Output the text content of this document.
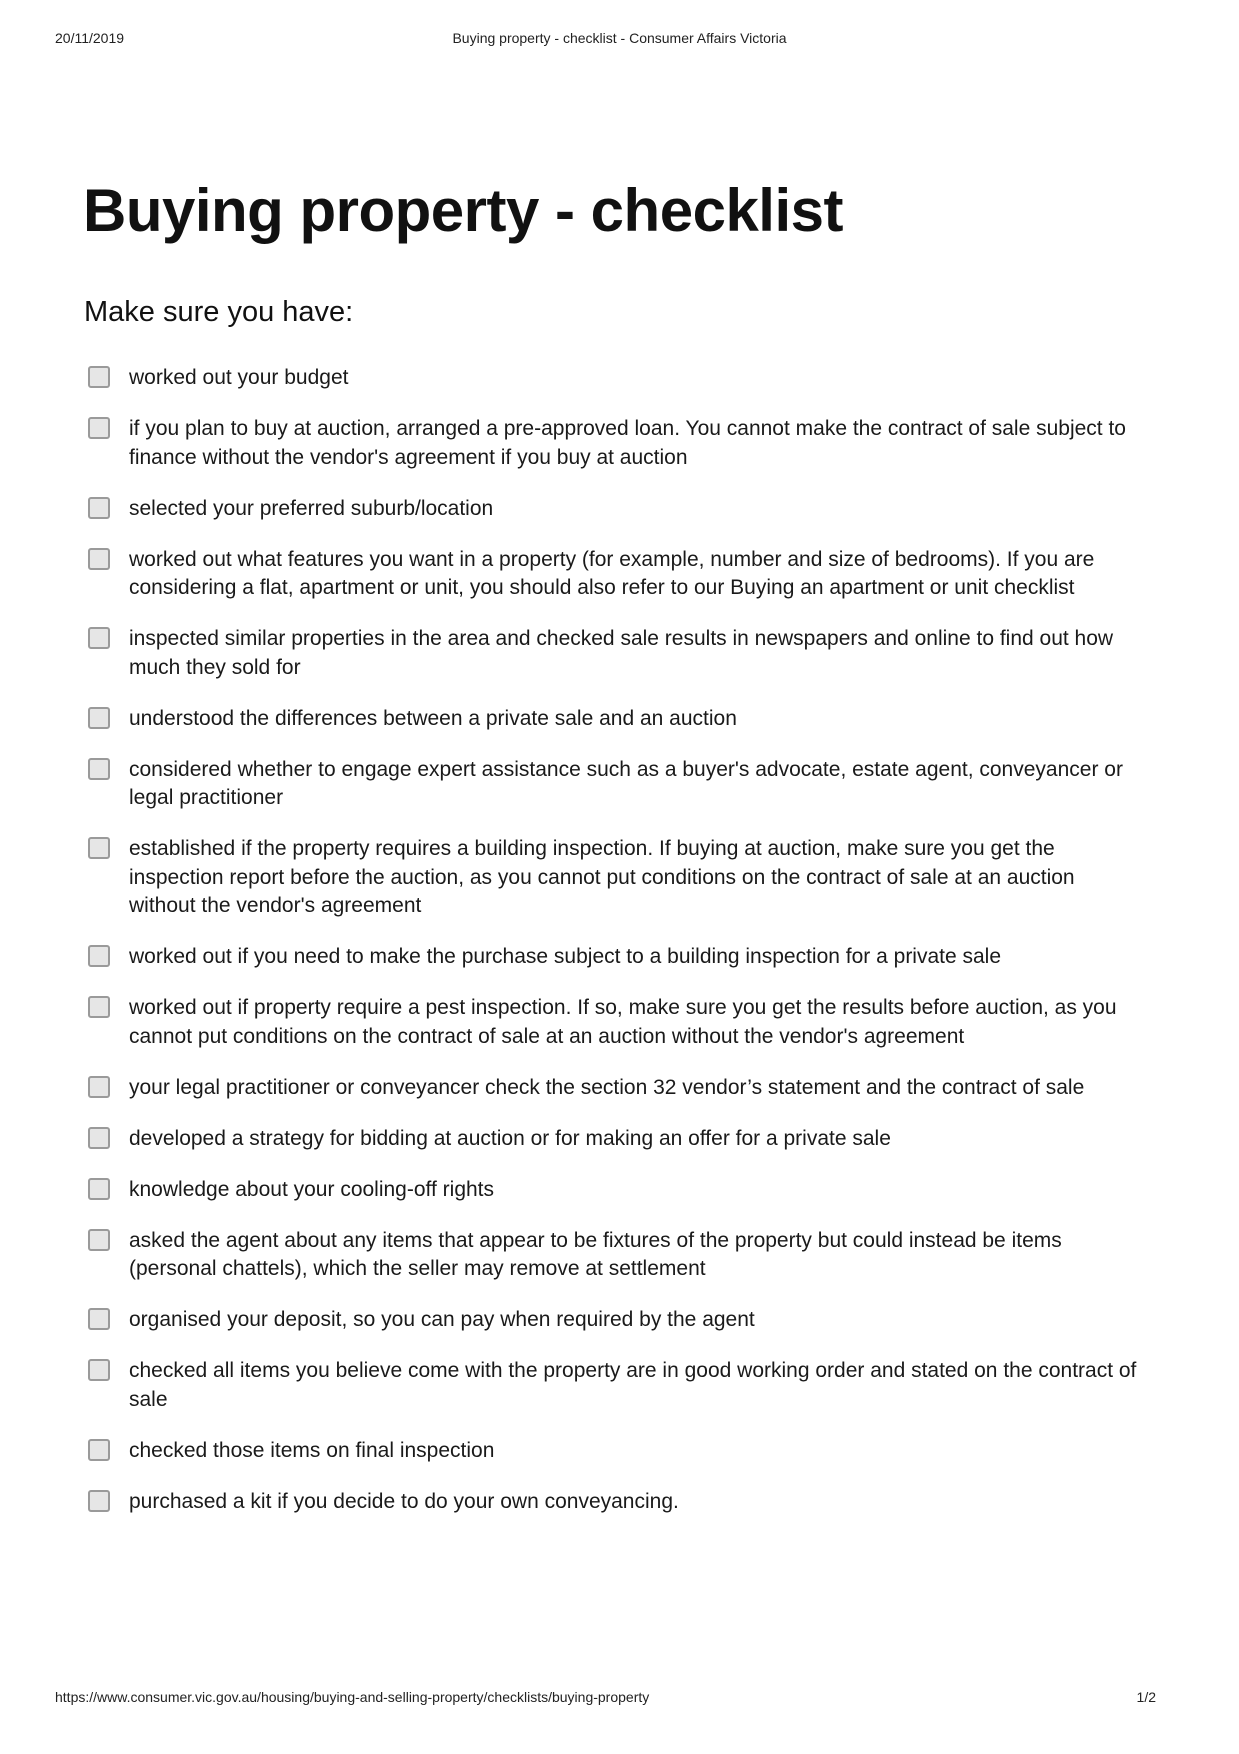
20/11/2019	Buying property - checklist - Consumer Affairs Victoria
Buying property - checklist
Make sure you have:
worked out your budget
if you plan to buy at auction, arranged a pre-approved loan. You cannot make the contract of sale subject to finance without the vendor's agreement if you buy at auction
selected your preferred suburb/location
worked out what features you want in a property (for example, number and size of bedrooms). If you are considering a flat, apartment or unit, you should also refer to our Buying an apartment or unit checklist
inspected similar properties in the area and checked sale results in newspapers and online to find out how much they sold for
understood the differences between a private sale and an auction
considered whether to engage expert assistance such as a buyer's advocate, estate agent, conveyancer or legal practitioner
established if the property requires a building inspection. If buying at auction, make sure you get the inspection report before the auction, as you cannot put conditions on the contract of sale at an auction without the vendor's agreement
worked out if you need to make the purchase subject to a building inspection for a private sale
worked out if property require a pest inspection. If so, make sure you get the results before auction, as you cannot put conditions on the contract of sale at an auction without the vendor's agreement
your legal practitioner or conveyancer check the section 32 vendor’s statement and the contract of sale
developed a strategy for bidding at auction or for making an offer for a private sale
knowledge about your cooling-off rights
asked the agent about any items that appear to be fixtures of the property but could instead be items (personal chattels), which the seller may remove at settlement
organised your deposit, so you can pay when required by the agent
checked all items you believe come with the property are in good working order and stated on the contract of sale
checked those items on final inspection
purchased a kit if you decide to do your own conveyancing.
https://www.consumer.vic.gov.au/housing/buying-and-selling-property/checklists/buying-property	1/2
